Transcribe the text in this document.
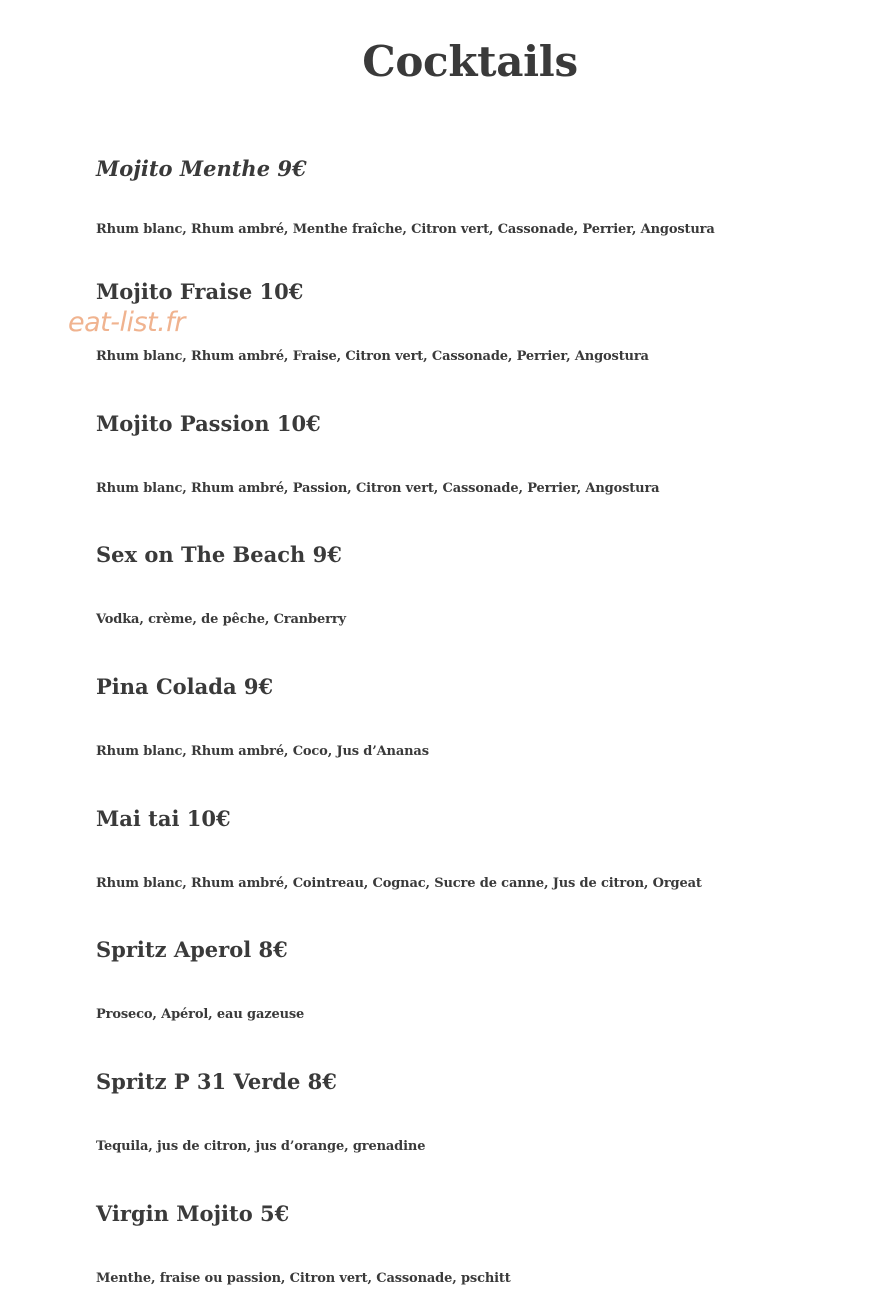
Cocktails
Mojito Menthe 9€

Rhum blanc, Rhum ambré, Menthe fraîche, Citron vert, Cassonade, Perrier, Angostura

Mojito Fraise 10€

Rhum blanc, Rhum ambré, Fraise, Citron vert, Cassonade, Perrier, Angostura

Mojito Passion 10€

Rhum blanc, Rhum ambré, Passion, Citron vert, Cassonade, Perrier, Angostura

Sex on The Beach 9€

Vodka, crème, de pêche, Cranberry

Pina Colada 9€

Rhum blanc, Rhum ambré, Coco, Jus d’Ananas

Mai tai 10€

Rhum blanc, Rhum ambré, Cointreau, Cognac, Sucre de canne, Jus de citron, Orgeat

Spritz Aperol 8€

Proseco, Apérol, eau gazeuse

Spritz P 31 Verde 8€

Tequila, jus de citron, jus d’orange, grenadine

Virgin Mojito 5€

Menthe, fraise ou passion, Citron vert, Cassonade, pschitt

eat-list.fr
